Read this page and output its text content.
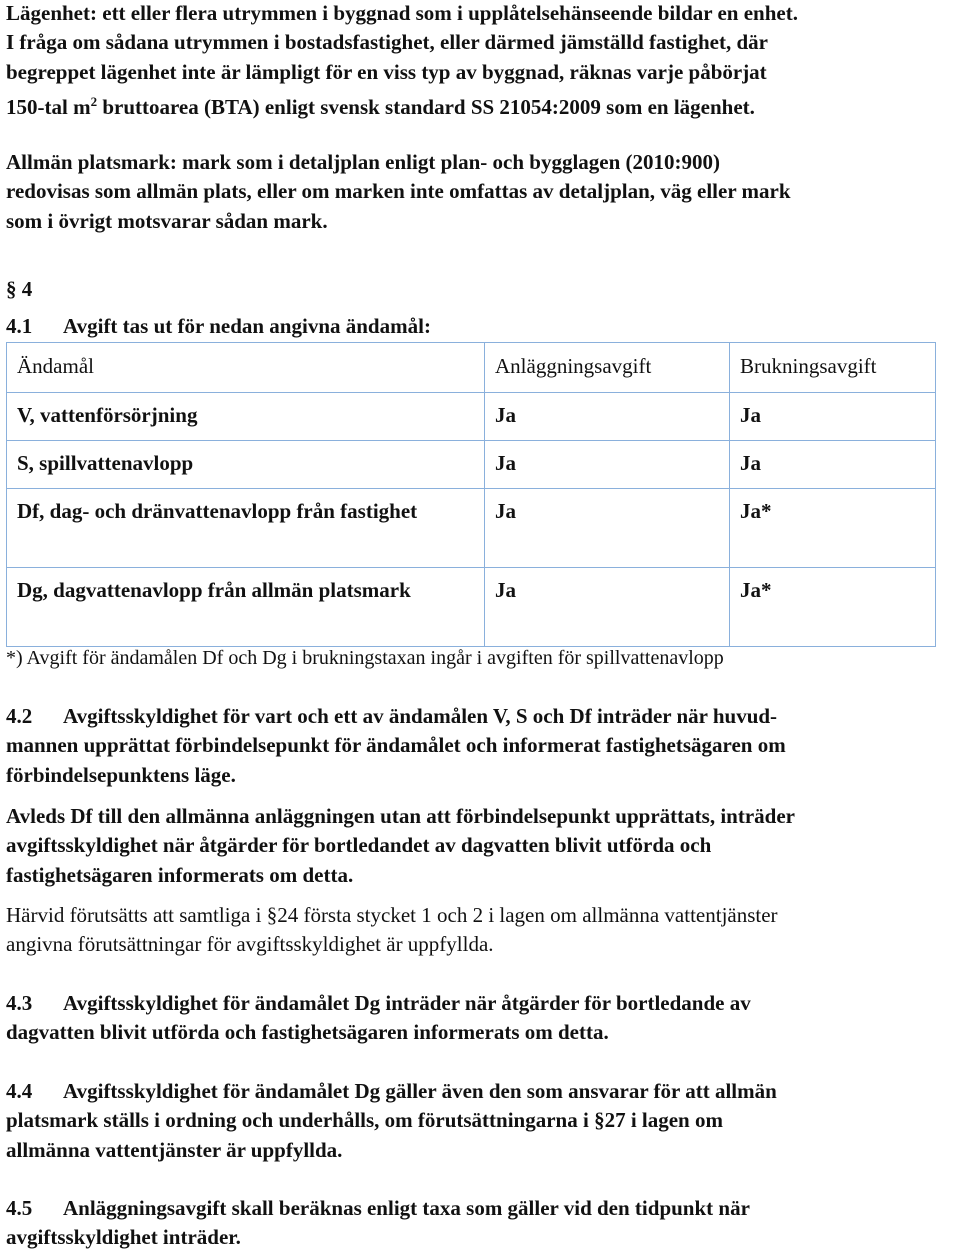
Lägenhet: ett eller flera utrymmen i byggnad som i upplåtelsehänseende bildar en enhet.
I fråga om sådana utrymmen i bostadsfastighet, eller därmed jämställd fastighet, där
begreppet lägenhet inte är lämpligt för en viss typ av byggnad, räknas varje påbörjat
150-tal $m^2$ bruttoarea (BTA) enligt svensk standard SS 21054:2009 som en lägenhet.

Allmän platsmark: mark som i detaljplan enligt plan- och bygglagen (2010:900)
redovisas som allmän plats, eller om marken inte omfattas av detaljplan, väg eller mark
som i övrigt motsvarar sådan mark.

§ 4

4.1 Avgift tas ut för nedan angivna ändamål:

Ändamål	Anläggningsavgift	Brukningsavgift
V, vattenförsörjning	Ja	Ja
S, spillvattenavlopp	Ja	Ja
Df, dag- och dränvattenavlopp från fastighet	Ja	Ja*
Dg, dagvattenavlopp från allmän platsmark	Ja	Ja*
*) Avgift för ändamålen Df och Dg i brukningstaxan ingår i avgiften för spillvattenavlopp

4.2 Avgiftsskyldighet för vart och ett av ändamålen V, S och Df inträder när huvud-
mannen upprättat förbindelsepunkt för ändamålet och informerat fastighetsägaren om
förbindelsepunktens läge.

Avleds Df till den allmänna anläggningen utan att förbindelsepunkt upprättats, inträder
avgiftsskyldighet när åtgärder för bortledandet av dagvatten blivit utförda och
fastighetsägaren informerats om detta.

Härvid förutsätts att samtliga i §24 första stycket 1 och 2 i lagen om allmänna vattentjänster
angivna förutsättningar för avgiftsskyldighet är uppfyllda.

4.3 Avgiftsskyldighet för ändamålet Dg inträder när åtgärder för bortledande av
dagvatten blivit utförda och fastighetsägaren informerats om detta.

4.4 Avgiftsskyldighet för ändamålet Dg gäller även den som ansvarar för att allmän
platsmark ställs i ordning och underhålls, om förutsättningarna i §27 i lagen om
allmänna vattentjänster är uppfyllda.

4.5 Anläggningsavgift skall beräknas enligt taxa som gäller vid den tidpunkt när
avgiftsskyldighet inträder.
